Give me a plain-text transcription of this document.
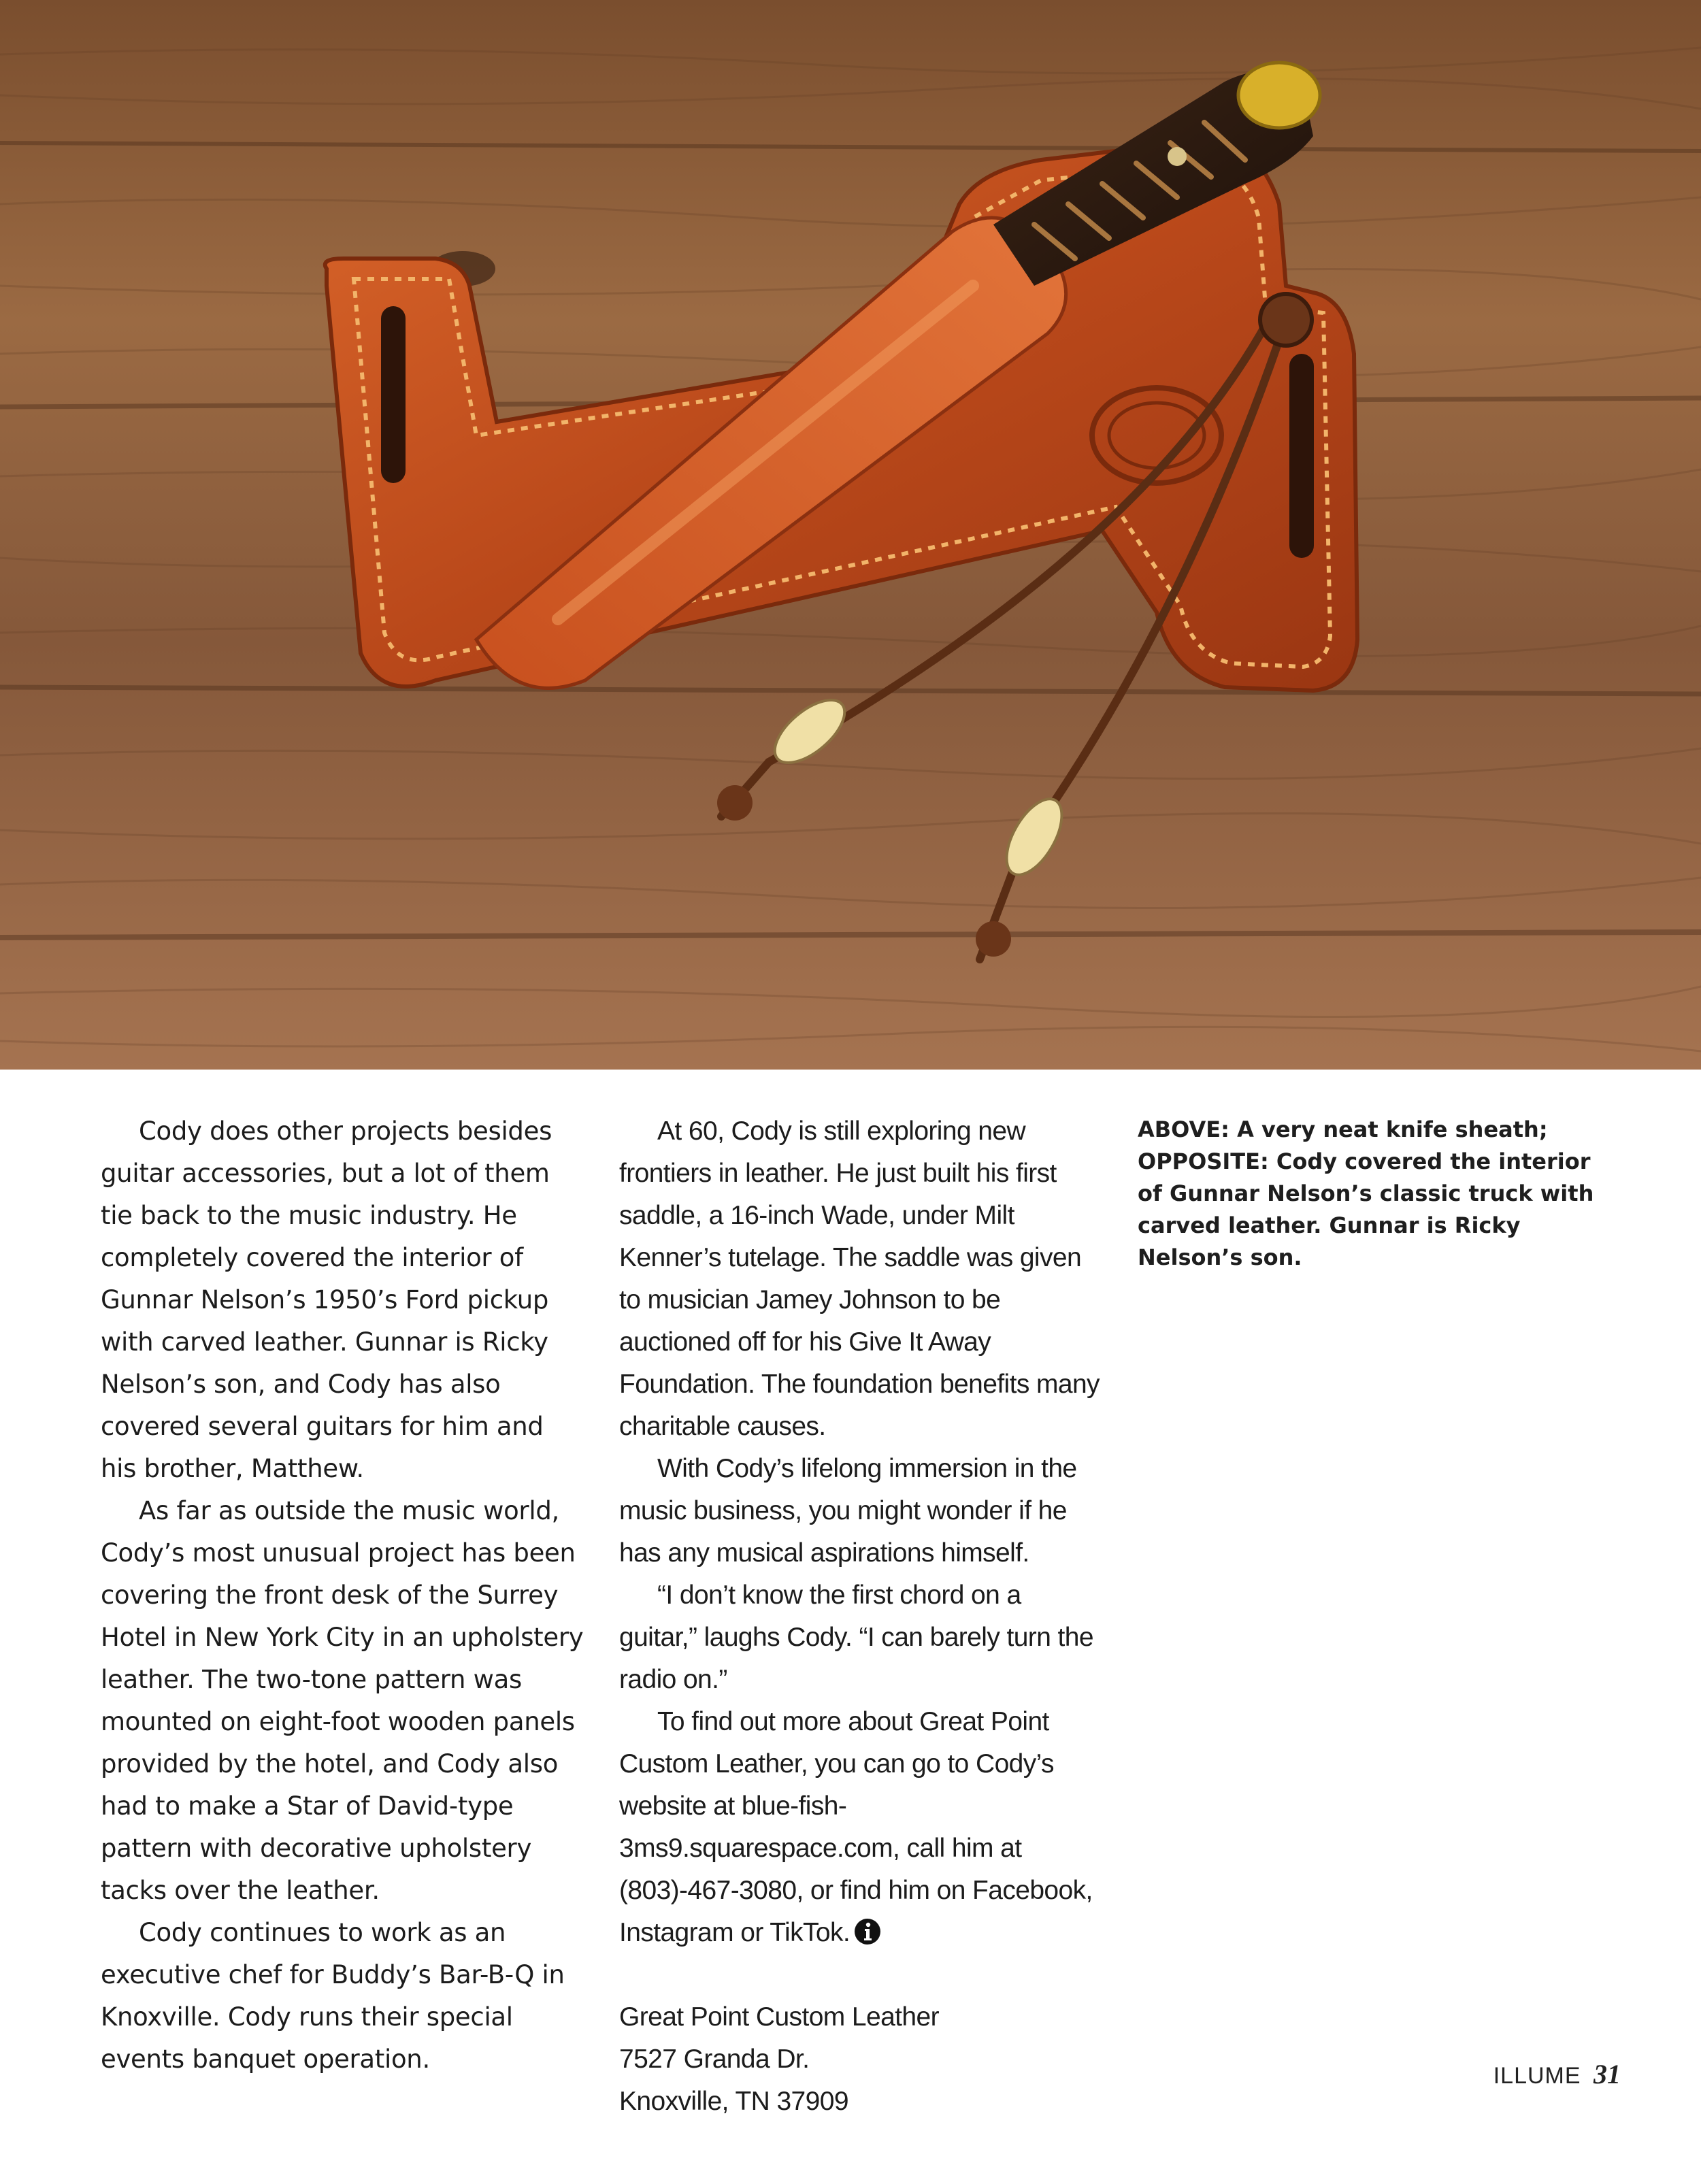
Cody does other projects besides guitar accessories, but a lot of them tie back to the music industry. He completely covered the interior of Gunnar Nelson’s 1950’s Ford pickup with carved leather. Gunnar is Ricky Nelson’s son, and Cody has also covered several guitars for him and his brother, Matthew.

As far as outside the music world, Cody’s most unusual project has been covering the front desk of the Surrey Hotel in New York City in an upholstery leather. The two-tone pattern was mounted on eight-foot wooden panels provided by the hotel, and Cody also had to make a Star of David-type pattern with decorative upholstery tacks over the leather.

Cody continues to work as an executive chef for Buddy’s Bar-B-Q in Knoxville. Cody runs their special events banquet operation.

At 60, Cody is still exploring new frontiers in leather. He just built his first saddle, a 16-inch Wade, under Milt Kenner’s tutelage. The saddle was given to musician Jamey Johnson to be auctioned off for his Give It Away Foundation. The foundation benefits many charitable causes.

With Cody’s lifelong immersion in the music business, you might wonder if he has any musical aspirations himself.

“I don’t know the first chord on a guitar,” laughs Cody. “I can barely turn the radio on.”

To find out more about Great Point Custom Leather, you can go to Cody’s website at blue-fish-3ms9.squarespace.com, call him at (803)-467-3080, or find him on Facebook, Instagram or TikTok.

Great Point Custom Leather
7527 Granda Dr.
Knoxville, TN 37909

ABOVE: A very neat knife sheath;
OPPOSITE: Cody covered the interior of Gunnar Nelson’s classic truck with carved leather. Gunnar is Ricky Nelson’s son.
ILLUME 31
